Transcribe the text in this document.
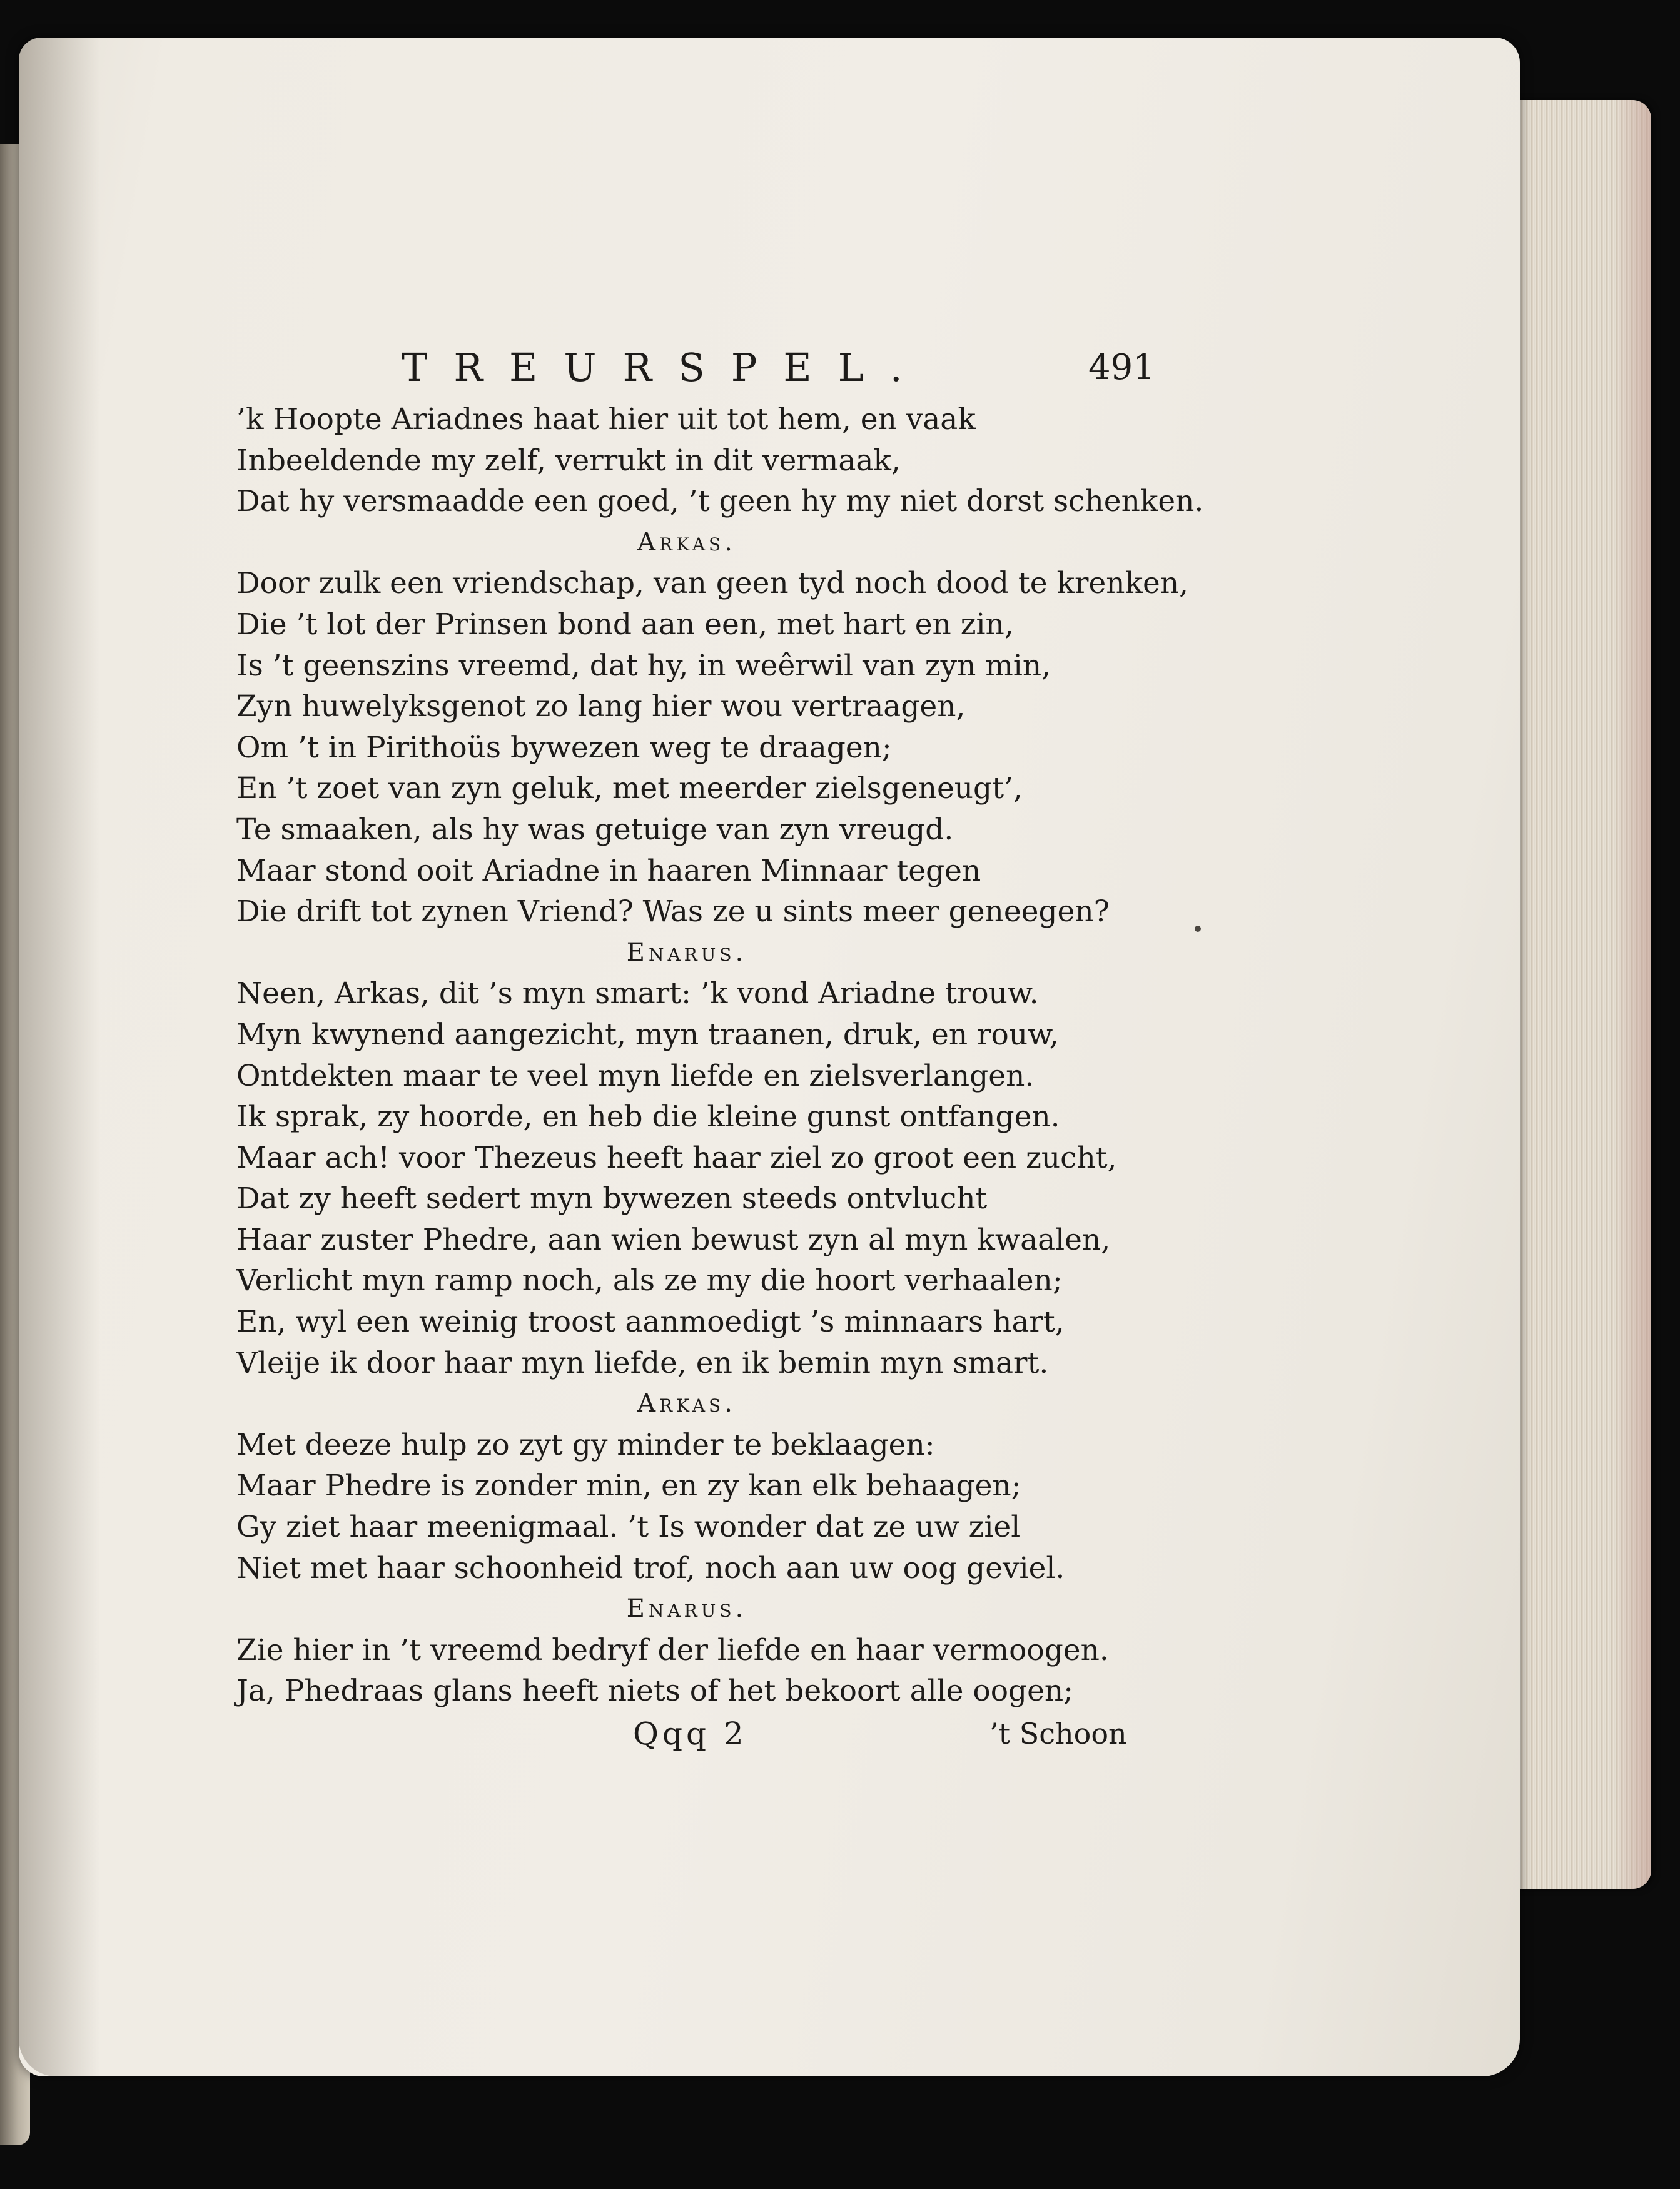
TREURSPEL.	491
’k Hoopte Ariadnes haat hier uit tot hem, en vaak
Inbeeldende my zelf, verrukt in dit vermaak,
Dat hy versmaadde een goed, ’t geen hy my niet dorst schenken.
Arkas.
Door zulk een vriendschap, van geen tyd noch dood te krenken,
Die ’t lot der Prinsen bond aan een, met hart en zin,
Is ’t geenszins vreemd, dat hy, in weêrwil van zyn min,
Zyn huwelyksgenot zo lang hier wou vertraagen,
Om ’t in Pirithoüs bywezen weg te draagen;
En ’t zoet van zyn geluk, met meerder zielsgeneugt’,
Te smaaken, als hy was getuige van zyn vreugd.
Maar stond ooit Ariadne in haaren Minnaar tegen
Die drift tot zynen Vriend? Was ze u sints meer geneegen?
Enarus.
Neen, Arkas, dit ’s myn smart: ’k vond Ariadne trouw.
Myn kwynend aangezicht, myn traanen, druk, en rouw,
Ontdekten maar te veel myn liefde en zielsverlangen.
Ik sprak, zy hoorde, en heb die kleine gunst ontfangen.
Maar ach! voor Thezeus heeft haar ziel zo groot een zucht,
Dat zy heeft sedert myn bywezen steeds ontvlucht
Haar zuster Phedre, aan wien bewust zyn al myn kwaalen,
Verlicht myn ramp noch, als ze my die hoort verhaalen;
En, wyl een weinig troost aanmoedigt ’s minnaars hart,
Vleije ik door haar myn liefde, en ik bemin myn smart.
Arkas.
Met deeze hulp zo zyt gy minder te beklaagen:
Maar Phedre is zonder min, en zy kan elk behaagen;
Gy ziet haar meenigmaal. ’t Is wonder dat ze uw ziel
Niet met haar schoonheid trof, noch aan uw oog geviel.
Enarus.
Zie hier in ’t vreemd bedryf der liefde en haar vermoogen.
Ja, Phedraas glans heeft niets of het bekoort alle oogen;
Qqq 2	’t Schoon
